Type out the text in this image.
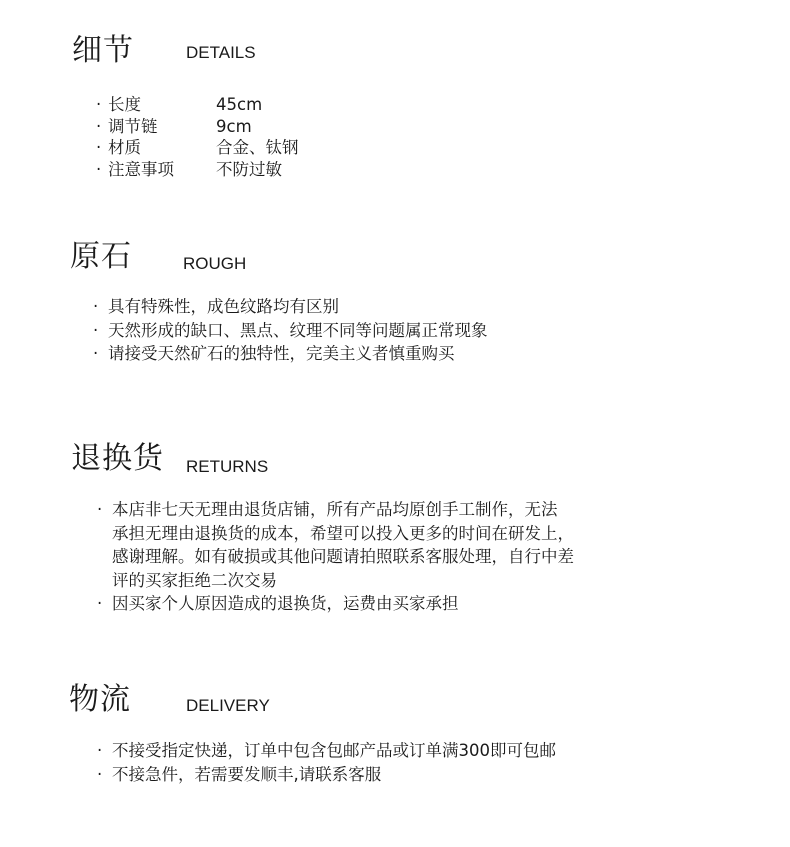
细节	DETAILS
· 长度	45cm
· 调节链	9cm
· 材质	合金、钛钢
· 注意事项	不防过敏
原石	ROUGH
· 具有特殊性，成色纹路均有区别
· 天然形成的缺口、黑点、纹理不同等问题属正常现象
· 请接受天然矿石的独特性，完美主义者慎重购买
退换货 RETURNS
· 本店非七天无理由退货店铺，所有产品均原创手工制作，无法
承担无理由退换货的成本，希望可以投入更多的时间在研发上，
感谢理解。如有破损或其他问题请拍照联系客服处理，自行中差
评的买家拒绝二次交易
· 因买家个人原因造成的退换货，运费由买家承担
物流	DELIVERY
· 不接受指定快递，订单中包含包邮产品或订单满300即可包邮
· 不接急件，若需要发顺丰,请联系客服
